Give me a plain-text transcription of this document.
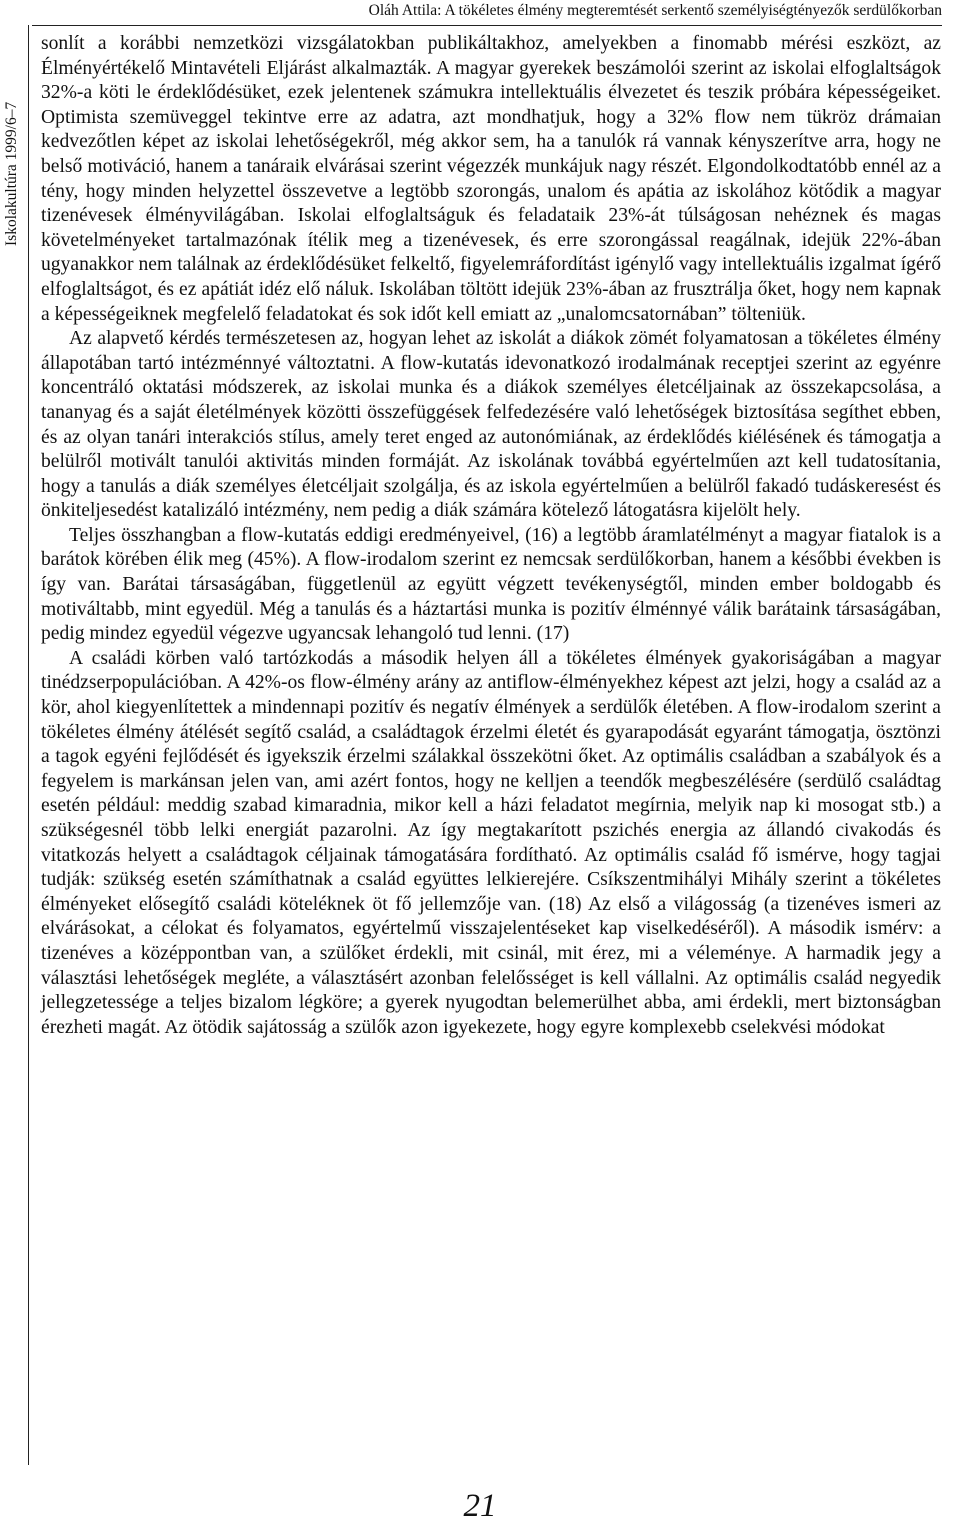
Oláh Attila: A tökéletes élmény megteremtését serkentő személyiségtényezők serdülőkorban
Iskolakultúra 1999/6–7

sonlít a korábbi nemzetközi vizsgálatokban publikáltakhoz, amelyekben a finomabb mérési eszközt, az Élményértékelő Mintavételi Eljárást alkalmazták. A magyar gyerekek beszámolói szerint az iskolai elfoglaltságok 32%-a köti le érdeklődésüket, ezek jelentenek számukra intellektuális élvezetet és teszik próbára képességeiket. Optimista szemüveggel tekintve erre az adatra, azt mondhatjuk, hogy a 32% flow nem tükröz drámaian kedvezőtlen képet az iskolai lehetőségekről, még akkor sem, ha a tanulók rá vannak kényszerítve arra, hogy ne belső motiváció, hanem a tanáraik elvárásai szerint végezzék munkájuk nagy részét. Elgondolkodtatóbb ennél az a tény, hogy minden helyzettel összevetve a legtöbb szorongás, unalom és apátia az iskolához kötődik a magyar tizenévesek élményvilágában. Iskolai elfoglaltságuk és feladataik 23%-át túlságosan nehéznek és magas követelményeket tartalmazónak ítélik meg a tizenévesek, és erre szorongással reagálnak, idejük 22%-ában ugyanakkor nem találnak az érdeklődésüket felkeltő, figyelemráfordítást igénylő vagy intellektuális izgalmat ígérő elfoglaltságot, és ez apátiát idéz elő náluk. Iskolában töltött idejük 23%-ában az frusztrálja őket, hogy nem kapnak a képességeiknek megfelelő feladatokat és sok időt kell emiatt az „unalomcsatornában” tölteniük.

Az alapvető kérdés természetesen az, hogyan lehet az iskolát a diákok zömét folyamatosan a tökéletes élmény állapotában tartó intézménnyé változtatni. A flow-kutatás idevonatkozó irodalmának receptjei szerint az egyénre koncentráló oktatási módszerek, az iskolai munka és a diákok személyes életcéljainak az összekapcsolása, a tananyag és a saját életélmények közötti összefüggések felfedezésére való lehetőségek biztosítása segíthet ebben, és az olyan tanári interakciós stílus, amely teret enged az autonómiának, az érdeklődés kiélésének és támogatja a belülről motivált tanulói aktivitás minden formáját. Az iskolának továbbá egyértelműen azt kell tudatosítania, hogy a tanulás a diák személyes életcéljait szolgálja, és az iskola egyértelműen a belülről fakadó tudáskeresést és önkiteljesedést katalizáló intézmény, nem pedig a diák számára kötelező látogatásra kijelölt hely.

Teljes összhangban a flow-kutatás eddigi eredményeivel, (16) a legtöbb áramlatélményt a magyar fiatalok is a barátok körében élik meg (45%). A flow-irodalom szerint ez nemcsak serdülőkorban, hanem a későbbi években is így van. Barátai társaságában, függetlenül az együtt végzett tevékenységtől, minden ember boldogabb és motiváltabb, mint egyedül. Még a tanulás és a háztartási munka is pozitív élménnyé válik barátaink társaságában, pedig mindez egyedül végezve ugyancsak lehangoló tud lenni. (17)

A családi körben való tartózkodás a második helyen áll a tökéletes élmények gyakoriságában a magyar tinédzserpopulációban. A 42%-os flow-élmény arány az antiflow-élményekhez képest azt jelzi, hogy a család az a kör, ahol kiegyenlítettek a mindennapi pozitív és negatív élmények a serdülők életében. A flow-irodalom szerint a tökéletes élmény átélését segítő család, a családtagok érzelmi életét és gyarapodását egyaránt támogatja, ösztönzi a tagok egyéni fejlődését és igyekszik érzelmi szálakkal összekötni őket. Az optimális családban a szabályok és a fegyelem is markánsan jelen van, ami azért fontos, hogy ne kelljen a teendők megbeszélésére (serdülő családtag esetén például: meddig szabad kimaradnia, mikor kell a házi feladatot megírnia, melyik nap ki mosogat stb.) a szükségesnél több lelki energiát pazarolni. Az így megtakarított pszichés energia az állandó civakodás és vitatkozás helyett a családtagok céljainak támogatására fordítható. Az optimális család fő ismérve, hogy tagjai tudják: szükség esetén számíthatnak a család együttes lelkierejére. Csíkszentmihályi Mihály szerint a tökéletes élményeket elősegítő családi köteléknek öt fő jellemzője van. (18) Az első a világosság (a tizenéves ismeri az elvárásokat, a célokat és folyamatos, egyértelmű visszajelentéseket kap viselkedéséről). A második ismérv: a tizenéves a középpontban van, a szülőket érdekli, mit csinál, mit érez, mi a véleménye. A harmadik jegy a választási lehetőségek megléte, a választásért azonban felelősséget is kell vállalni. Az optimális család negyedik jellegzetessége a teljes bizalom légköre; a gyerek nyugodtan belemerülhet abba, ami érdekli, mert biztonságban érezheti magát. Az ötödik sajátosság a szülők azon igyekezete, hogy egyre komplexebb cselekvési módokat

21
